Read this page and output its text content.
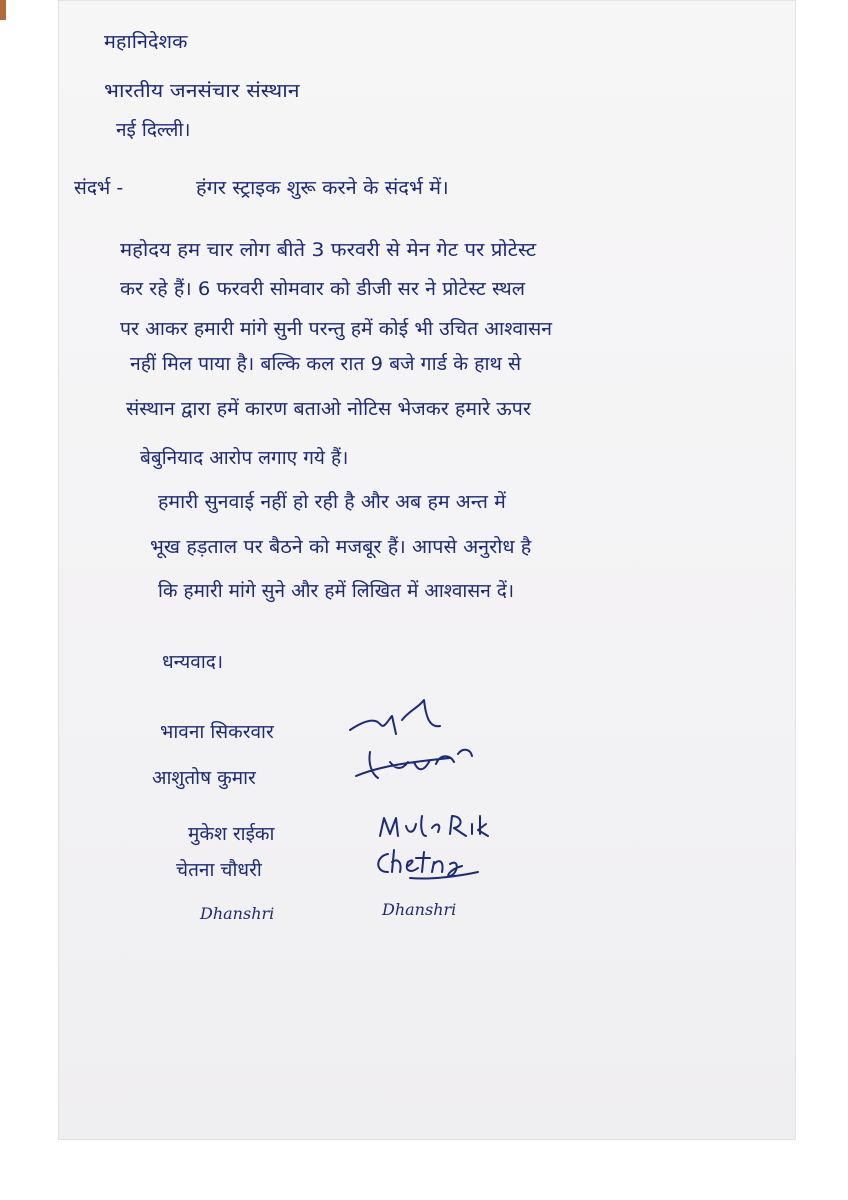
महानिदेशक
भारतीय जनसंचार संस्थान
नई दिल्ली।
संदर्भ -	हंगर स्ट्राइक शुरू करने के संदर्भ में।
महोदय हम चार लोग बीते 3 फरवरी से मेन गेट पर प्रोटेस्ट
कर रहे हैं। 6 फरवरी सोमवार को डीजी सर ने प्रोटेस्ट स्थल
पर आकर हमारी मांगे सुनी परन्तु हमें कोई भी उचित आश्वासन
नहीं मिल पाया है। बल्कि कल रात 9 बजे गार्ड के हाथ से
संस्थान द्वारा हमें कारण बताओ नोटिस भेजकर हमारे ऊपर
बेबुनियाद आरोप लगाए गये हैं।
हमारी सुनवाई नहीं हो रही है और अब हम अन्त में
भूख हड़ताल पर बैठने को मजबूर हैं। आपसे अनुरोध है
कि हमारी मांगे सुने और हमें लिखित में आश्वासन दें।
धन्यवाद।
भावना सिकरवार
आशुतोष कुमार
मुकेश राईका
चेतना चौधरी
Dhanshri	Dhanshri
